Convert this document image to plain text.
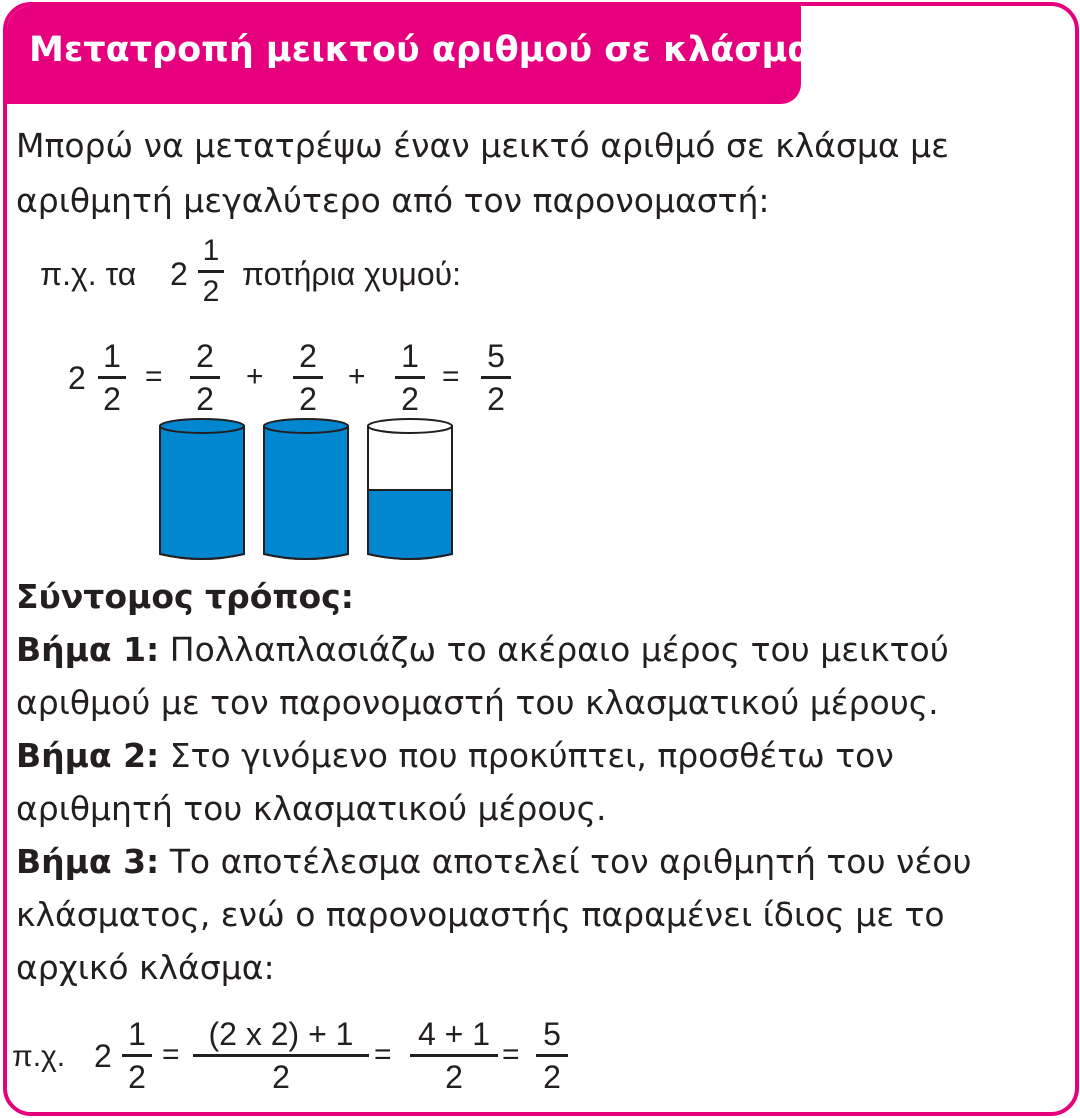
Μετατροπή μεικτού αριθμού σε κλάσμα:
Μπορώ να μετατρέψω έναν μεικτό αριθμό σε κλάσμα με
αριθμητή μεγαλύτερο από τον παρονομαστή:
π.χ. τα 2
1
2 ποτήρια χυμού:
2
1
2
=
2
2
+
2
2
+
1
2
=
5
2
Σύντομος τρόπος:
Βήμα 1: Πολλαπλασιάζω το ακέραιο μέρος του μεικτού
αριθμού με τον παρονομαστή του κλασματικού μέρους.
Βήμα 2: Στο γινόμενο που προκύπτει, προσθέτω τον
αριθμητή του κλασματικού μέρους.
Βήμα 3: Το αποτέλεσμα αποτελεί τον αριθμητή του νέου
κλάσματος, ενώ ο παρονομαστής παραμένει ίδιος με το
αρχικό κλάσμα:
π.χ. 2
1
2
=
(2 x 2) + 1
2
=
4 + 1
2
=
5
2
